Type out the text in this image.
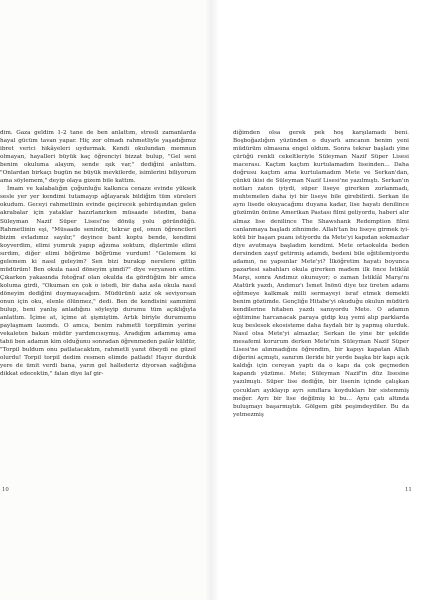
dim. Gaza geldim 1-2 tane de ben anlattım, stresli zamanlarda hayal gücüm tavan yapar. Hiç zor olmadı rahmetliyle yaşadığımız ibret verici hikâyeleri uydurmak. Kendi okulundan memnun olmayan, hayalleri büyük kaç öğrenciyi bizzat bulup, "Gel seni benim okuluma alayım, sende ışık var," dediğini anlattım. "Onlardan birkaçı bugün ne büyük mevkilerde, isimlerini biliyorum ama söylemem," deyip olaya gizem bile kattım.

İmam ve kalabalığın çoğunluğu kalkınca cenaze evinde yüksek sesle yer yer kendimi tutamayıp ağlayarak bildiğim tüm süreleri okudum. Geceyi rahmetlinin evinde geçirecek şehirdışından gelen akrabalar için yataklar hazırlanırken müsaade istedim, bana Süleyman Nazif Süper Lisesi'ne dönüş yolu göründüğü. Rahmetlinin eşi, "Müsaade senindir, tekrar gel, onun öğrencileri bizim evladımız sayılır," deyince bant koptu bende, kendimi koyverdim, elimi yumruk yapıp ağzıma soktum, dişlerimle elimi sırdım, diğer elimi böğrüme böğrüme vurdum! "Gelemem ki gelemem ki nasıl geleyim? Sen bizi burakıp nerelere gittin müdürüm! Ben okula nasıl döneyim şimdi?" diye veryansın ettim. Çıkarken yakasında fotoğraf olan okulda da gördüğüm bir amca koluma girdi, "Okuman en çok o istedi, bir daha asla okula nasıl döneyim dediğini duymayacağım. Müdürünü aziz ok seviyorsan onun için oku, elenle ölünmez," dedi. Ben de kendisini sammimi bulup, beni yanlış anladığını söyleyip durumu tüm açıklığıyla anlattım. İçime at, içime at şişmiştim. Artık biriyle durumumu paylaşmam lazımdı. O amca, benim rahmetli torpilimin yerine vekaleten bakan müdür yardımcısıymış. Aradığım adammış ama tabii ben adamın kim olduğunu sonradan öğrenmeden palâr küldür, "Torpil buldum onu patlatacaktım, rahmetli yanıt öbeydi ne güzel olurdu! Torpil torpil dedim resmen elimde patladı! Hayır durduk yere de ümit verdi bana, yarın gel hallederiz diyorsan sağlığına dikkat edecektin," falan diye laf gir-

10

diğimden olsa gerek pek hoş karşılamadı beni. Boşboğazlığım yüzünden o duyarlı amcanın benim yeni müdürüm olmasına engel oldum. Sonra tekrar başladı yine çürüğü renkli cekeltleriyle Süleyman Nazif Süper Lisesi macerası. Kaçtım kaçtım kurtulamadım liseinden... Daha doğrusu kaçtım ama kurtulamadım Mete ve Serkan'dan, çünkü ikisi de Süleyman Nazif Lisesi'ne yazılmıştı. Serkan'ın notları zaten iyiydi, süper liseye girerken zorlanmadı, muhtemelen daha iyi bir liseye bile girebilirdi. Serkan ile aynı lisede okuyacağımı duyana kadar, lise hayatı denilince gözümün önüne Amerikan Pastası filmi geliyordu, haberi alır almaz lise denilince The Shawshank Redemption filmi canlanmaya başladı zihnimde. Allah'tan bu liseye girmek iyi-kötü bir başarı puanı istiyordu da Mete'yi kapıdan sokmazlar diye avutmaya başladım kendimi. Mete ortaokulda beden dersinden zayıf getirmiş adamdı, bedeni bile eğitilemiyordu adamın, ne yapsınlar Mete'yi? İlköğretim hayatı boyunca pazartesi sabahları okula girerken madem ilk önce İstiklâl Marşı, sonra Andımız okunuyor; o zaman İstiklâl Marşı'nı Atatürk yazdı, Andımız'ı İsmet İnönü diye tez üreten adamı eğitmeye kalkmak milli sermayeyi israf etmek demekti benim gözümde. Gençliğe Hitabe'yi okuduğu okulun müdürü kendilerine hitaben yazdı sanıyordu Mete. O adamın eğitimine harcanacak paraya gidip kuş yemi alıp parklarda kuş beslesek ekosisteme daha faydalı bir iş yapmış olurduk. Nasıl olsa Mete'yi almazlar, Serkan ile yine bir şekilde mesafemi korurum derken Mete'nin Süleyman Nazif Süper Lisesi'ne alınmadığını öğrendim, bir kapıyı kapatan Allah diğerini açmıştı, sanırım ileride bir yerde başka bir kapı açık kaldığı için cereyan yaptı da o kapı da çok geçmeden kapandı yüzüme. Mete; Süleyman Nazif'in düz lisesine yazılmıştı. Süper lise dediğin, bir lisenin içinde çalışkan çocukları ayıklayıp ayrı sınıflara koydukları bir sistemmiş meğer. Ayrı bir lise değilmiş ki bu... Aynı çatı altında buluşmayı başarmıştık. Gölgem gibi peşimdeydiler. Bu da yetmezmiş

11
